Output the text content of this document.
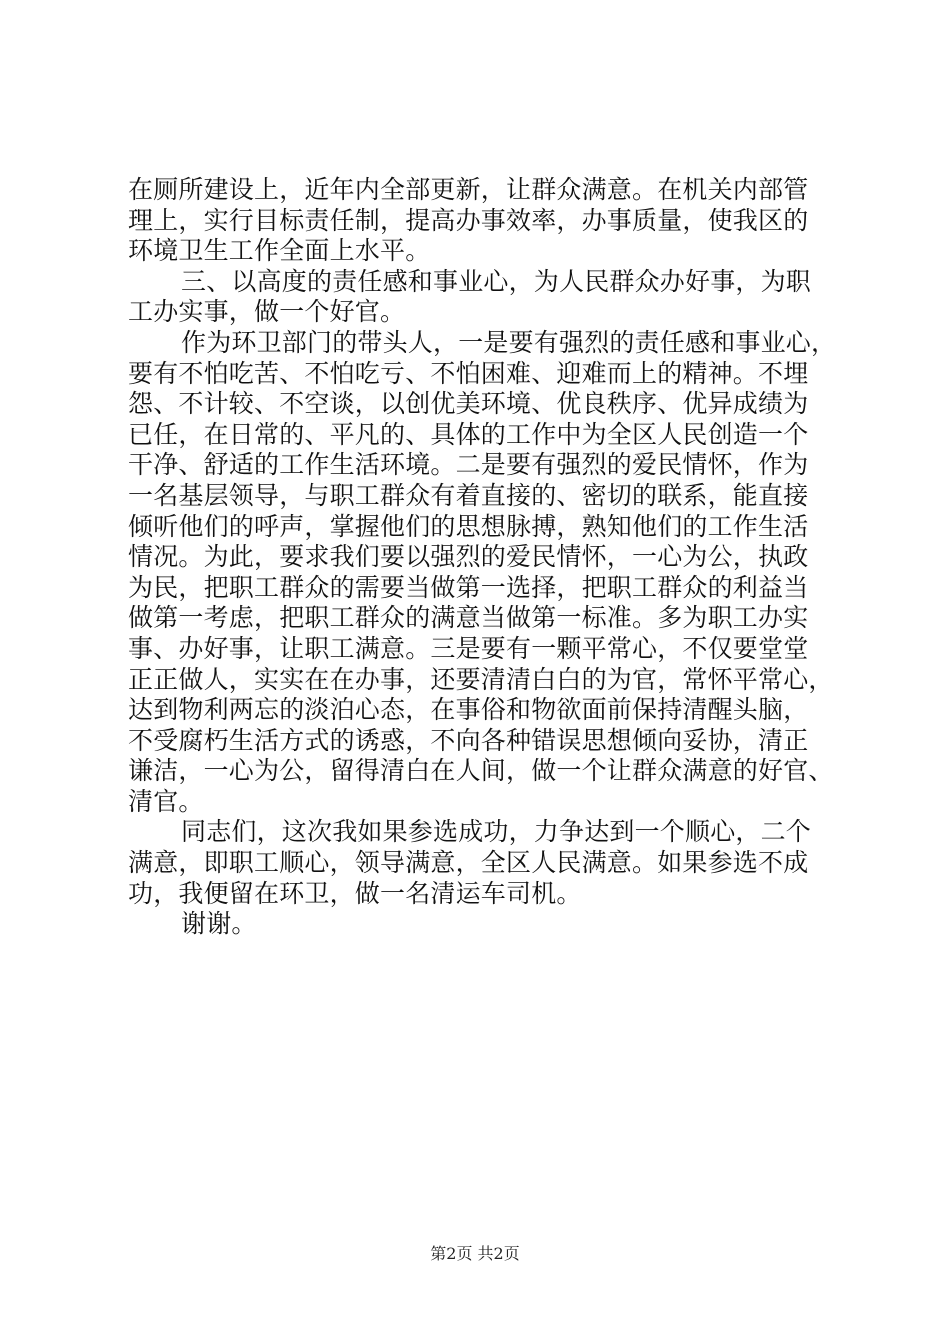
在厕所建设上，近年内全部更新，让群众满意。在机关内部管
理上，实行目标责任制，提高办事效率，办事质量，使我区的
环境卫生工作全面上水平。
三、以高度的责任感和事业心，为人民群众办好事，为职
工办实事，做一个好官。
作为环卫部门的带头人，一是要有强烈的责任感和事业心，
要有不怕吃苦、不怕吃亏、不怕困难、迎难而上的精神。不埋
怨、不计较、不空谈，以创优美环境、优良秩序、优异成绩为
已任，在日常的、平凡的、具体的工作中为全区人民创造一个
干净、舒适的工作生活环境。二是要有强烈的爱民情怀，作为
一名基层领导，与职工群众有着直接的、密切的联系，能直接
倾听他们的呼声，掌握他们的思想脉搏，熟知他们的工作生活
情况。为此，要求我们要以强烈的爱民情怀，一心为公，执政
为民，把职工群众的需要当做第一选择，把职工群众的利益当
做第一考虑，把职工群众的满意当做第一标准。多为职工办实
事、办好事，让职工满意。三是要有一颗平常心，不仅要堂堂
正正做人，实实在在办事，还要清清白白的为官，常怀平常心，
达到物利两忘的淡泊心态，在事俗和物欲面前保持清醒头脑，
不受腐朽生活方式的诱惑，不向各种错误思想倾向妥协，清正
谦洁，一心为公，留得清白在人间，做一个让群众满意的好官、
清官。
同志们，这次我如果参选成功，力争达到一个顺心，二个
满意，即职工顺心，领导满意，全区人民满意。如果参选不成
功，我便留在环卫，做一名清运车司机。
谢谢。
第2页 共2页
